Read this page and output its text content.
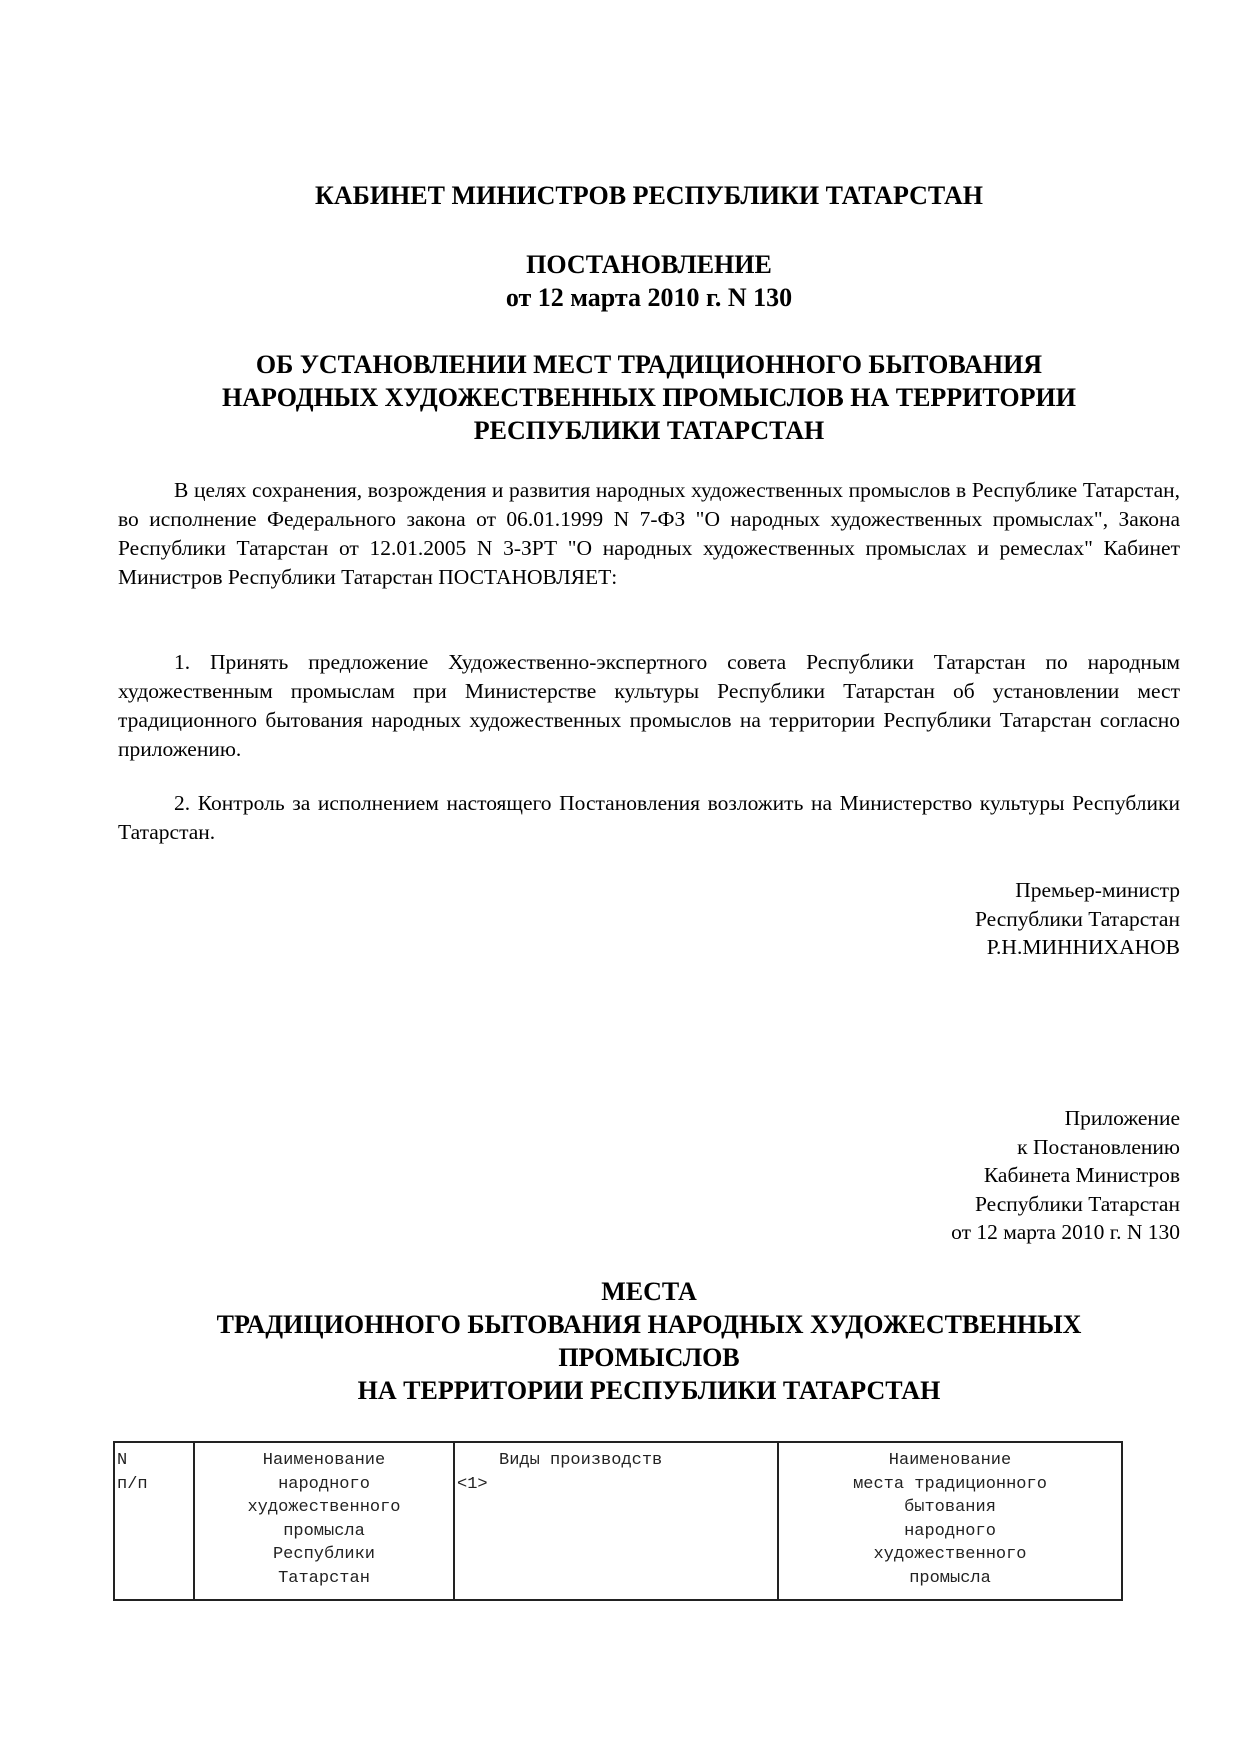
КАБИНЕТ МИНИСТРОВ РЕСПУБЛИКИ ТАТАРСТАН
ПОСТАНОВЛЕНИЕ
от 12 марта 2010 г. N 130
ОБ УСТАНОВЛЕНИИ МЕСТ ТРАДИЦИОННОГО БЫТОВАНИЯ
НАРОДНЫХ ХУДОЖЕСТВЕННЫХ ПРОМЫСЛОВ НА ТЕРРИТОРИИ
РЕСПУБЛИКИ ТАТАРСТАН
В целях сохранения, возрождения и развития народных художественных промыслов в Республике Татарстан, во исполнение Федерального закона от 06.01.1999 N 7-ФЗ "О народных художественных промыслах", Закона Республики Татарстан от 12.01.2005 N 3-ЗРТ "О народных художественных промыслах и ремеслах" Кабинет Министров Республики Татарстан ПОСТАНОВЛЯЕТ:
1. Принять предложение Художественно-экспертного совета Республики Татарстан по народным художественным промыслам при Министерстве культуры Республики Татарстан об установлении мест традиционного бытования народных художественных промыслов на территории Республики Татарстан согласно приложению.
2. Контроль за исполнением настоящего Постановления возложить на Министерство культуры Республики Татарстан.
Премьер-министр
Республики Татарстан
Р.Н.МИННИХАНОВ
Приложение
к Постановлению
Кабинета Министров
Республики Татарстан
от 12 марта 2010 г. N 130
МЕСТА
ТРАДИЦИОННОГО БЫТОВАНИЯ НАРОДНЫХ ХУДОЖЕСТВЕННЫХ
ПРОМЫСЛОВ
НА ТЕРРИТОРИИ РЕСПУБЛИКИ ТАТАРСТАН
N
п/п

Наименование
народного
художественного
промысла
Республики
Татарстан

Виды производств
<1>

Наименование
места традиционного
бытования
народного
художественного
промысла
